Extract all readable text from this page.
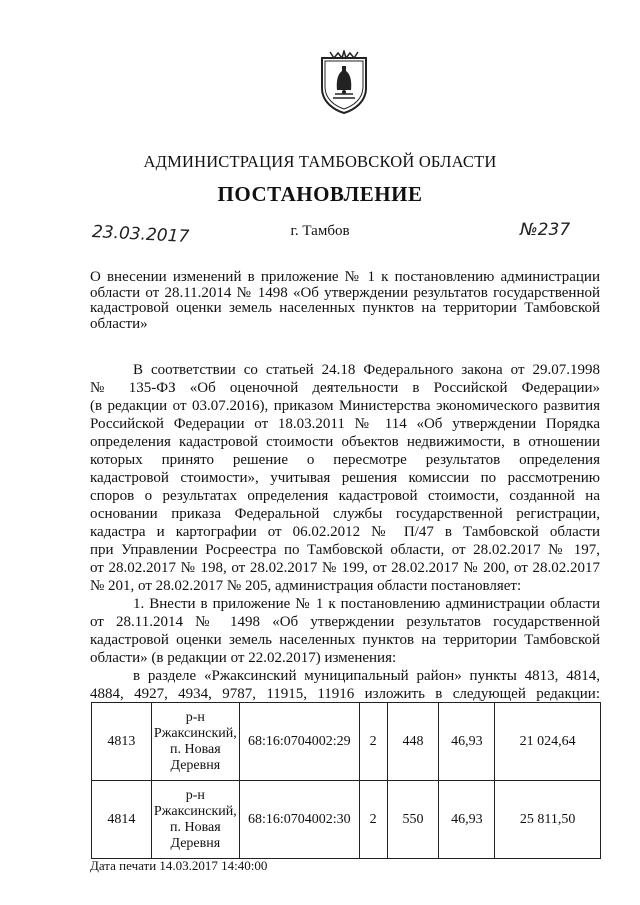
АДМИНИСТРАЦИЯ ТАМБОВСКОЙ ОБЛАСТИ
ПОСТАНОВЛЕНИЕ
23.03.2017	г. Тамбов	№237
О внесении изменений в приложение № 1 к постановлению администрации области от 28.11.2014 № 1498 «Об утверждении результатов государственной кадастровой оценки земель населенных пунктов на территории Тамбовской области»
В соответствии со статьей 24.18 Федерального закона от 29.07.1998
№ 135-ФЗ «Об оценочной деятельности в Российской Федерации»
(в редакции от 03.07.2016), приказом Министерства экономического развития
Российской Федерации от 18.03.2011 № 114 «Об утверждении Порядка
определения кадастровой стоимости объектов недвижимости, в отношении
которых принято решение о пересмотре результатов определения
кадастровой стоимости», учитывая решения комиссии по рассмотрению
споров о результатах определения кадастровой стоимости, созданной на
основании приказа Федеральной службы государственной регистрации,
кадастра и картографии от 06.02.2012 № П/47 в Тамбовской области
при Управлении Росреестра по Тамбовской области, от 28.02.2017 № 197,
от 28.02.2017 № 198, от 28.02.2017 № 199, от 28.02.2017 № 200, от 28.02.2017
№ 201, от 28.02.2017 № 205, администрация области постановляет:
1. Внести в приложение № 1 к постановлению администрации области
от 28.11.2014 № 1498 «Об утверждении результатов государственной
кадастровой оценки земель населенных пунктов на территории Тамбовской
области» (в редакции от 22.02.2017) изменения:
в разделе «Ржаксинский муниципальный район» пункты 4813, 4814,
4884, 4927, 4934, 9787, 11915, 11916 изложить в следующей редакции:
4813	р-н
Ржаксинский,
п. Новая
Деревня	68:16:0704002:29	2	448	46,93	21 024,64
4814	р-н
Ржаксинский,
п. Новая
Деревня	68:16:0704002:30	2	550	46,93	25 811,50
Дата печати 14.03.2017 14:40:00
